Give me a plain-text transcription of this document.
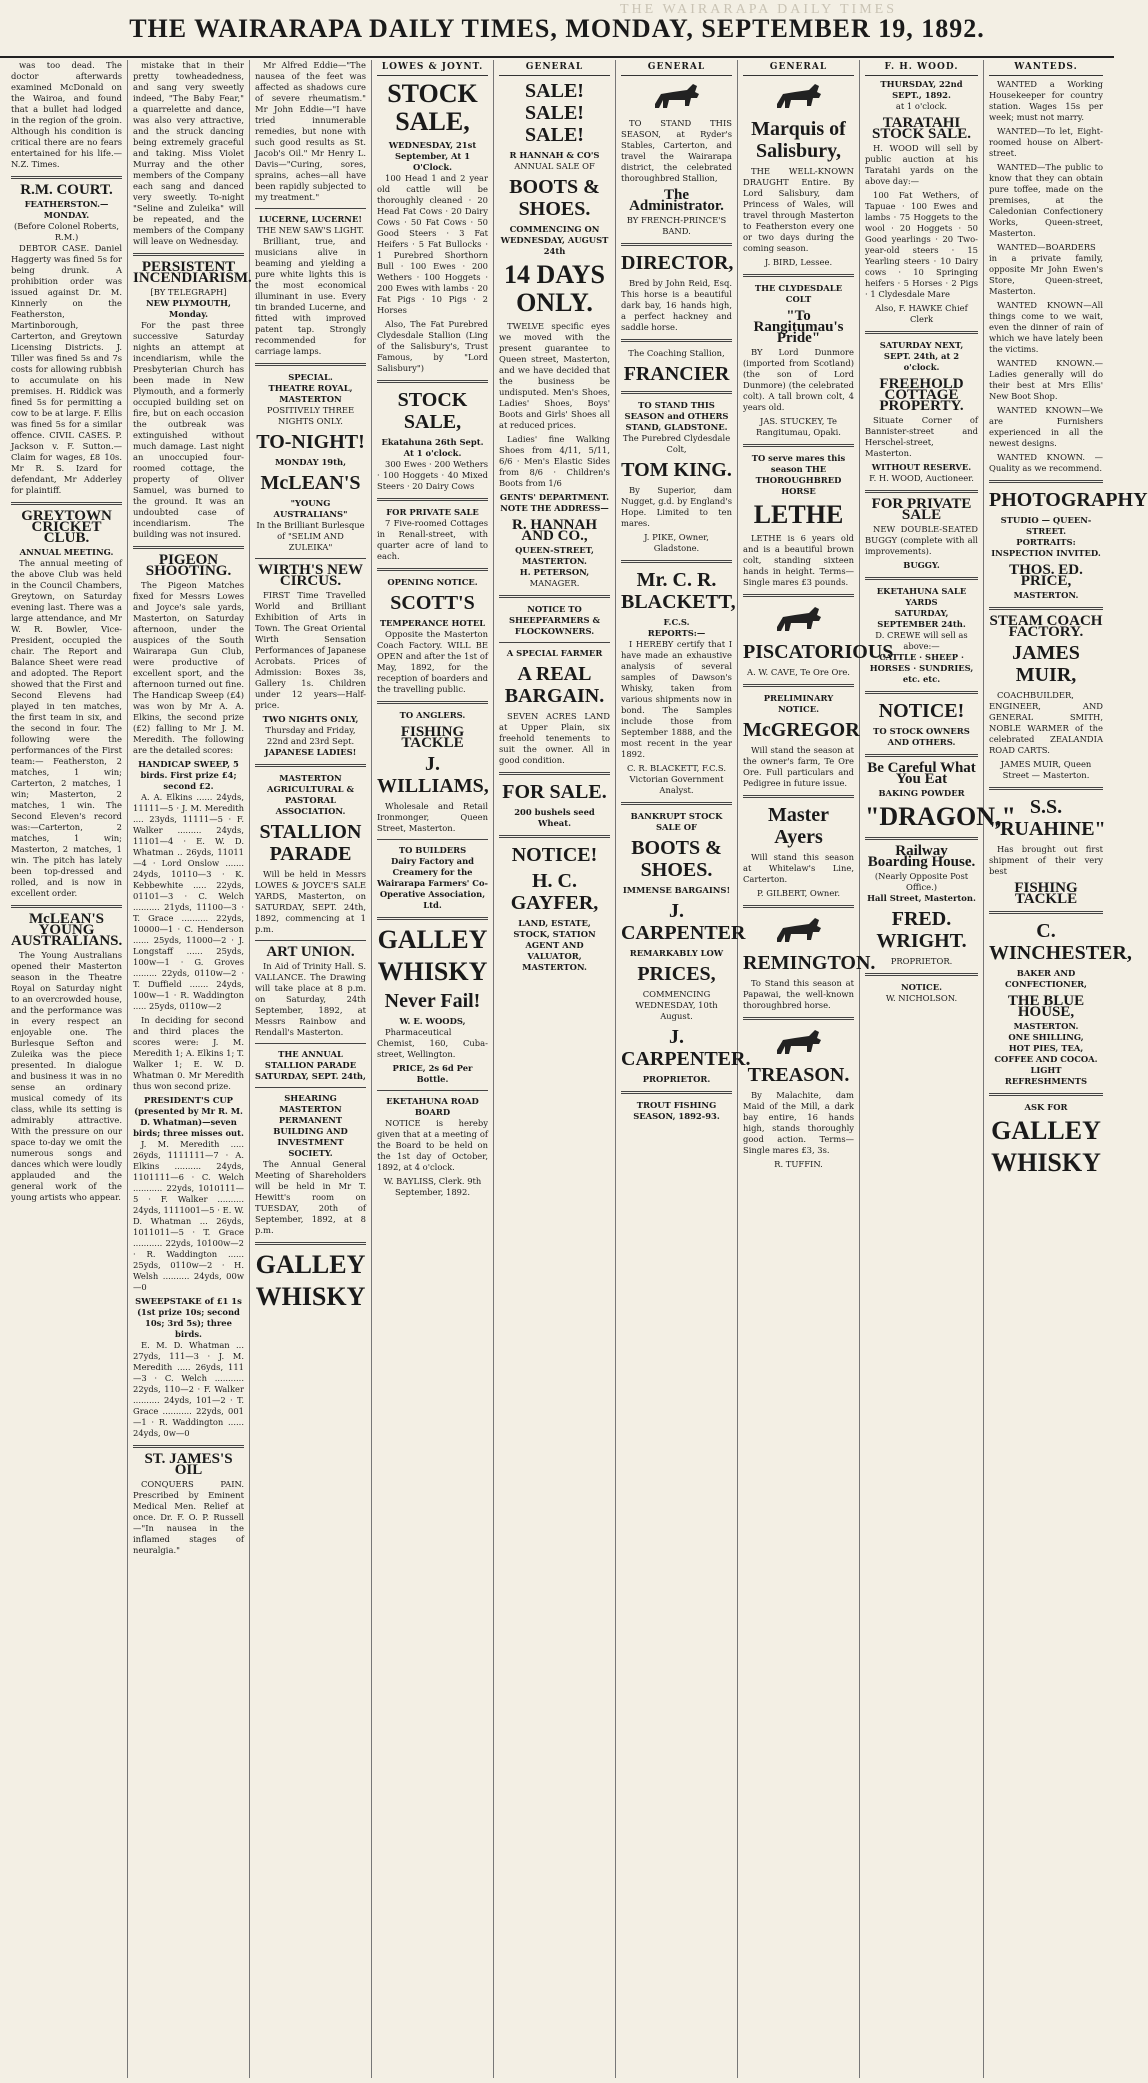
THE WAIRARAPA DAILY TIMES
THE WAIRARAPA DAILY TIMES, MONDAY, SEPTEMBER 19, 1892.

was too dead. The doctor afterwards examined McDonald on the Wairoa, and found that a bullet had lodged in the region of the groin. Although his condition is critical there are no fears entertained for his life.—N.Z. Times.

R.M. COURT.
FEATHERSTON.—MONDAY.
(Before Colonel Roberts, R.M.)

DEBTOR CASE. Daniel Haggerty was fined 5s for being drunk. A prohibition order was issued against Dr. M. Kinnerly on the Featherston, Martinborough, Carterton, and Greytown Licensing Districts. J. Tiller was fined 5s and 7s costs for allowing rubbish to accumulate on his premises. H. Riddick was fined 5s for permitting a cow to be at large. F. Ellis was fined 5s for a similar offence. CIVIL CASES. P. Jackson v. F. Sutton.—Claim for wages, £8 10s. Mr R. S. Izard for defendant, Mr Adderley for plaintiff.

GREYTOWN CRICKET CLUB.
ANNUAL MEETING.

The annual meeting of the above Club was held in the Council Chambers, Greytown, on Saturday evening last. There was a large attendance, and Mr W. R. Bowler, Vice-President, occupied the chair. The Report and Balance Sheet were read and adopted. The Report showed that the First and Second Elevens had played in ten matches, the first team in six, and the second in four. The following were the performances of the First team:— Featherston, 2 matches, 1 win; Carterton, 2 matches, 1 win; Masterton, 2 matches, 1 win. The Second Eleven's record was:—Carterton, 2 matches, 1 win; Masterton, 2 matches, 1 win. The pitch has lately been top-dressed and rolled, and is now in excellent order.

McLEAN'S YOUNG AUSTRALIANS.

The Young Australians opened their Masterton season in the Theatre Royal on Saturday night to an overcrowded house, and the performance was in every respect an enjoyable one. The Burlesque Sefton and Zuleika was the piece presented. In dialogue and business it was in no sense an ordinary musical comedy of its class, while its setting is admirably attractive. With the pressure on our space to-day we omit the numerous songs and dances which were loudly applauded and the general work of the young artists who appear.

mistake that in their pretty towheadedness, and sang very sweetly indeed, "The Baby Fear," a quarrelette and dance, was also very attractive, and the struck dancing being extremely graceful and taking. Miss Violet Murray and the other members of the Company each sang and danced very sweetly. To-night "Seline and Zuleika" will be repeated, and the members of the Company will leave on Wednesday.

PERSISTENT INCENDIARISM.
[BY TELEGRAPH]
NEW PLYMOUTH, Monday.

For the past three successive Saturday nights an attempt at incendiarism, while the Presbyterian Church has been made in New Plymouth, and a formerly occupied building set on fire, but on each occasion the outbreak was extinguished without much damage. Last night an unoccupied four-roomed cottage, the property of Oliver Samuel, was burned to the ground. It was an undoubted case of incendiarism. The building was not insured.

PIGEON SHOOTING.

The Pigeon Matches fixed for Messrs Lowes and Joyce's sale yards, Masterton, on Saturday afternoon, under the auspices of the South Wairarapa Gun Club, were productive of excellent sport, and the afternoon turned out fine. The Handicap Sweep (£4) was won by Mr A. A. Elkins, the second prize (£2) falling to Mr J. M. Meredith. The following are the detailed scores:

HANDICAP SWEEP, 5 birds. First prize £4; second £2.

A. A. Elkins ...... 24yds, 11111—5 · J. M. Meredith .... 23yds, 11111—5 · F. Walker ......... 24yds, 11101—4 · E. W. D. Whatman .. 26yds, 11011—4 · Lord Onslow ....... 24yds, 10110—3 · K. Kebbewhite ..... 22yds, 01101—3 · C. Welch .......... 21yds, 11100—3 · T. Grace .......... 22yds, 10000—1 · C. Henderson ...... 25yds, 11000—2 · J. Longstaff ...... 25yds, 100w—1 · G. Groves ......... 22yds, 0110w—2 · T. Duffield ....... 24yds, 100w—1 · R. Waddington ..... 25yds, 0110w—2

In deciding for second and third places the scores were: J. M. Meredith 1; A. Elkins 1; T. Walker 1; E. W. D. Whatman 0. Mr Meredith thus won second prize.

PRESIDENT'S CUP (presented by Mr R. M. D. Whatman)—seven birds; three misses out.

J. M. Meredith ..... 26yds, 1111111—7 · A. Elkins .......... 24yds, 1101111—6 · C. Welch ........... 22yds, 1010111—5 · F. Walker .......... 24yds, 1111001—5 · E. W. D. Whatman ... 26yds, 1011011—5 · T. Grace ........... 22yds, 10100w—2 · R. Waddington ...... 25yds, 0110w—2 · H. Welsh .......... 24yds, 00w—0

SWEEPSTAKE of £1 1s (1st prize 10s; second 10s; 3rd 5s); three birds.

E. M. D. Whatman ... 27yds, 111—3 · J. M. Meredith ..... 26yds, 111—3 · C. Welch ........... 22yds, 110—2 · F. Walker .......... 24yds, 101—2 · T. Grace ........... 22yds, 001—1 · R. Waddington ...... 24yds, 0w—0

ST. JAMES'S OIL

CONQUERS PAIN. Prescribed by Eminent Medical Men. Relief at once. Dr. F. O. P. Russell—"In nausea in the inflamed stages of neuralgia."

Mr Alfred Eddie—"The nausea of the feet was affected as shadows cure of severe rheumatism." Mr John Eddie—"I have tried innumerable remedies, but none with such good results as St. Jacob's Oil." Mr Henry L. Davis—"Curing, sores, sprains, aches—all have been rapidly subjected to my treatment."

LUCERNE, LUCERNE!
THE NEW SAW'S LIGHT.

Brilliant, true, and musicians alive in beaming and yielding a pure white lights this is the most economical illuminant in use. Every tin branded Lucerne, and fitted with improved patent tap. Strongly recommended for carriage lamps.

SPECIAL.
THEATRE ROYAL, MASTERTON
POSITIVELY THREE NIGHTS ONLY.
TO-NIGHT!
MONDAY 19th,
McLEAN'S
"YOUNG AUSTRALIANS"
In the Brilliant Burlesque of "SELIM AND ZULEIKA"
WIRTH'S NEW CIRCUS.

FIRST Time Travelled World and Brilliant Exhibition of Arts in Town. The Great Oriental Wirth Sensation Performances of Japanese Acrobats. Prices of Admission: Boxes 3s, Gallery 1s. Children under 12 years—Half-price.

TWO NIGHTS ONLY,
Thursday and Friday, 22nd and 23rd Sept.
JAPANESE LADIES!
MASTERTON AGRICULTURAL & PASTORAL ASSOCIATION.
STALLION PARADE

Will be held in Messrs LOWES & JOYCE'S SALE YARDS, Masterton, on SATURDAY, SEPT. 24th, 1892, commencing at 1 p.m.

ART UNION.

In Aid of Trinity Hall. S. VALLANCE. The Drawing will take place at 8 p.m. on Saturday, 24th September, 1892, at Messrs Rainbow and Rendall's Masterton.

THE ANNUAL STALLION PARADE
SATURDAY, SEPT. 24th,
SHEARING
MASTERTON PERMANENT BUILDING AND INVESTMENT SOCIETY.

The Annual General Meeting of Shareholders will be held in Mr T. Hewitt's room on TUESDAY, 20th of September, 1892, at 8 p.m.

GALLEY
WHISKY
LOWES & JOYNT.
STOCK SALE,
WEDNESDAY, 21st September, At 1 O'Clock.

100 Head 1 and 2 year old cattle will be thoroughly cleaned · 20 Head Fat Cows · 20 Dairy Cows · 50 Fat Cows · 50 Good Steers · 3 Fat Heifers · 5 Fat Bullocks · 1 Purebred Shorthorn Bull · 100 Ewes · 200 Wethers · 100 Hoggets · 200 Ewes with lambs · 20 Fat Pigs · 10 Pigs · 2 Horses

Also, The Fat Purebred Clydesdale Stallion (Ling of the Salisbury's, Trust Famous, by "Lord Salisbury")

STOCK SALE,
Ekatahuna 26th Sept. At 1 o'clock.

300 Ewes · 200 Wethers · 100 Hoggets · 40 Mixed Steers · 20 Dairy Cows

FOR PRIVATE SALE

7 Five-roomed Cottages in Renall-street, with quarter acre of land to each.

OPENING NOTICE.
SCOTT'S
TEMPERANCE HOTEL

Opposite the Masterton Coach Factory. WILL BE OPEN and after the 1st of May, 1892, for the reception of boarders and the travelling public.

TO ANGLERS.
FISHING TACKLE
J. WILLIAMS,

Wholesale and Retail Ironmonger, Queen Street, Masterton.

TO BUILDERS
Dairy Factory and Creamery for the Wairarapa Farmers' Co-Operative Association, Ltd.
GALLEY
WHISKY
Never Fail!
W. E. WOODS,

Pharmaceutical Chemist, 160, Cuba-street, Wellington.

PRICE, 2s 6d Per Bottle.
EKETAHUNA ROAD BOARD

NOTICE is hereby given that at a meeting of the Board to be held on the 1st day of October, 1892, at 4 o'clock.

W. BAYLISS, Clerk. 9th September, 1892.
GENERAL
SALE! SALE! SALE!
R HANNAH & CO'S
ANNUAL SALE OF
BOOTS & SHOES.
COMMENCING ON WEDNESDAY, AUGUST 24th
14 DAYS ONLY.

TWELVE specific eyes we moved with the present guarantee to Queen street, Masterton, and we have decided that the business be undisputed. Men's Shoes, Ladies' Shoes, Boys' Boots and Girls' Shoes all at reduced prices.

Ladies' fine Walking Shoes from 4/11, 5/11, 6/6 · Men's Elastic Sides from 8/6 · Children's Boots from 1/6

GENTS' DEPARTMENT.
NOTE THE ADDRESS—
R. HANNAH AND CO.,
QUEEN-STREET, MASTERTON.
H. PETERSON,
MANAGER.
NOTICE TO SHEEPFARMERS & FLOCKOWNERS.
A SPECIAL FARMER
A REAL BARGAIN.

SEVEN ACRES LAND at Upper Plain, six freehold tenements to suit the owner. All in good condition.

FOR SALE.
200 bushels seed Wheat.
NOTICE!
H. C. GAYFER,
LAND, ESTATE, STOCK, STATION AGENT AND VALUATOR, MASTERTON.
GENERAL

TO STAND THIS SEASON, at Ryder's Stables, Carterton, and travel the Wairarapa district, the celebrated thoroughbred Stallion,

The Administrator.
BY FRENCH-PRINCE'S BAND.
DIRECTOR,

Bred by John Reid, Esq. This horse is a beautiful dark bay, 16 hands high, a perfect hackney and saddle horse.

The Coaching Stallion,
FRANCIER
TO STAND THIS SEASON and OTHERS STAND, GLADSTONE.
The Purebred Clydesdale Colt,
TOM KING.

By Superior, dam Nugget, g.d. by England's Hope. Limited to ten mares.

J. PIKE, Owner, Gladstone.
Mr. C. R. BLACKETT,
F.C.S.
REPORTS:—

I HEREBY certify that I have made an exhaustive analysis of several samples of Dawson's Whisky, taken from various shipments now in bond. The Samples include those from September 1888, and the most recent in the year 1892.

C. R. BLACKETT, F.C.S. Victorian Government Analyst.
BANKRUPT STOCK SALE OF
BOOTS & SHOES.
IMMENSE BARGAINS!
J. CARPENTER
REMARKABLY LOW
PRICES,
COMMENCING WEDNESDAY, 10th August.
J. CARPENTER.
PROPRIETOR.
TROUT FISHING SEASON, 1892-93.
GENERAL
Marquis of Salisbury,

THE WELL-KNOWN DRAUGHT Entire. By Lord Salisbury, dam Princess of Wales, will travel through Masterton to Featherston every one or two days during the coming season.

J. BIRD, Lessee.
THE CLYDESDALE COLT
"To Rangitumau's Pride"

BY Lord Dunmore (imported from Scotland) (the son of Lord Dunmore) (the celebrated colt). A tall brown colt, 4 years old.

JAS. STUCKEY, Te Rangitumau, Opaki.
TO serve mares this season THE THOROUGHBRED HORSE
LETHE

LETHE is 6 years old and is a beautiful brown colt, standing sixteen hands in height. Terms—Single mares £3 pounds.

PISCATORIOUS
A. W. CAVE, Te Ore Ore.
PRELIMINARY NOTICE.
McGREGOR

Will stand the season at the owner's farm, Te Ore Ore. Full particulars and Pedigree in future issue.

Master Ayers

Will stand this season at Whitelaw's Line, Carterton.

P. GILBERT, Owner.
REMINGTON.

To Stand this season at Papawai, the well-known thoroughbred horse.

TREASON.

By Malachite, dam Maid of the Mill, a dark bay entire, 16 hands high, stands thoroughly good action. Terms—Single mares £3, 3s.

R. TUFFIN.
F. H. WOOD.
THURSDAY, 22nd SEPT., 1892.
at 1 o'clock.
TARATAHI STOCK SALE.

H. WOOD will sell by public auction at his Taratahi yards on the above day:—

100 Fat Wethers, of Tapuae · 100 Ewes and lambs · 75 Hoggets to the wool · 20 Hoggets · 50 Good yearlings · 20 Two-year-old steers · 15 Yearling steers · 10 Dairy cows · 10 Springing heifers · 5 Horses · 2 Pigs · 1 Clydesdale Mare

Also, F. HAWKE Chief Clerk
SATURDAY NEXT, SEPT. 24th, at 2 o'clock.
FREEHOLD COTTAGE PROPERTY.

Situate Corner of Bannister-street and Herschel-street, Masterton.

WITHOUT RESERVE.
F. H. WOOD, Auctioneer.
FOR PRIVATE SALE

NEW DOUBLE-SEATED BUGGY (complete with all improvements).

BUGGY.
EKETAHUNA SALE YARDS
SATURDAY, SEPTEMBER 24th.
D. CREWE will sell as above:—
CATTLE · SHEEP · HORSES · SUNDRIES, etc. etc.
NOTICE!
TO STOCK OWNERS AND OTHERS.
Be Careful What You Eat
BAKING POWDER
"DRAGON,"
Railway Boarding House.
(Nearly Opposite Post Office.)
Hall Street, Masterton.
FRED. WRIGHT.
PROPRIETOR.
NOTICE.
W. NICHOLSON.
WANTEDS.

WANTED a Working Housekeeper for country station. Wages 15s per week; must not marry.

WANTED—To let, Eight-roomed house on Albert-street.

WANTED—The public to know that they can obtain pure toffee, made on the premises, at the Caledonian Confectionery Works, Queen-street, Masterton.

WANTED—BOARDERS in a private family, opposite Mr John Ewen's Store, Queen-street, Masterton.

WANTED KNOWN—All things come to we wait, even the dinner of rain of which we have lately been the victims.

WANTED KNOWN.—Ladies generally will do their best at Mrs Ellis' New Boot Shop.

WANTED KNOWN—We are Furnishers experienced in all the newest designs.

WANTED KNOWN. — Quality as we recommend.

PHOTOGRAPHY
STUDIO — QUEEN-STREET.
PORTRAITS:
INSPECTION INVITED.
THOS. ED. PRICE,
MASTERTON.
STEAM COACH FACTORY.
JAMES MUIR,

COACHBUILDER, ENGINEER, AND GENERAL SMITH, NOBLE WARMER of the celebrated ZEALANDIA ROAD CARTS.

JAMES MUIR, Queen Street — Masterton.
S.S. "RUAHINE"

Has brought out first shipment of their very best

FISHING TACKLE
C. WINCHESTER,
BAKER AND CONFECTIONER,
THE BLUE HOUSE,
MASTERTON.
ONE SHILLING,
HOT PIES, TEA, COFFEE AND COCOA.
LIGHT REFRESHMENTS
ASK FOR
GALLEY
WHISKY
